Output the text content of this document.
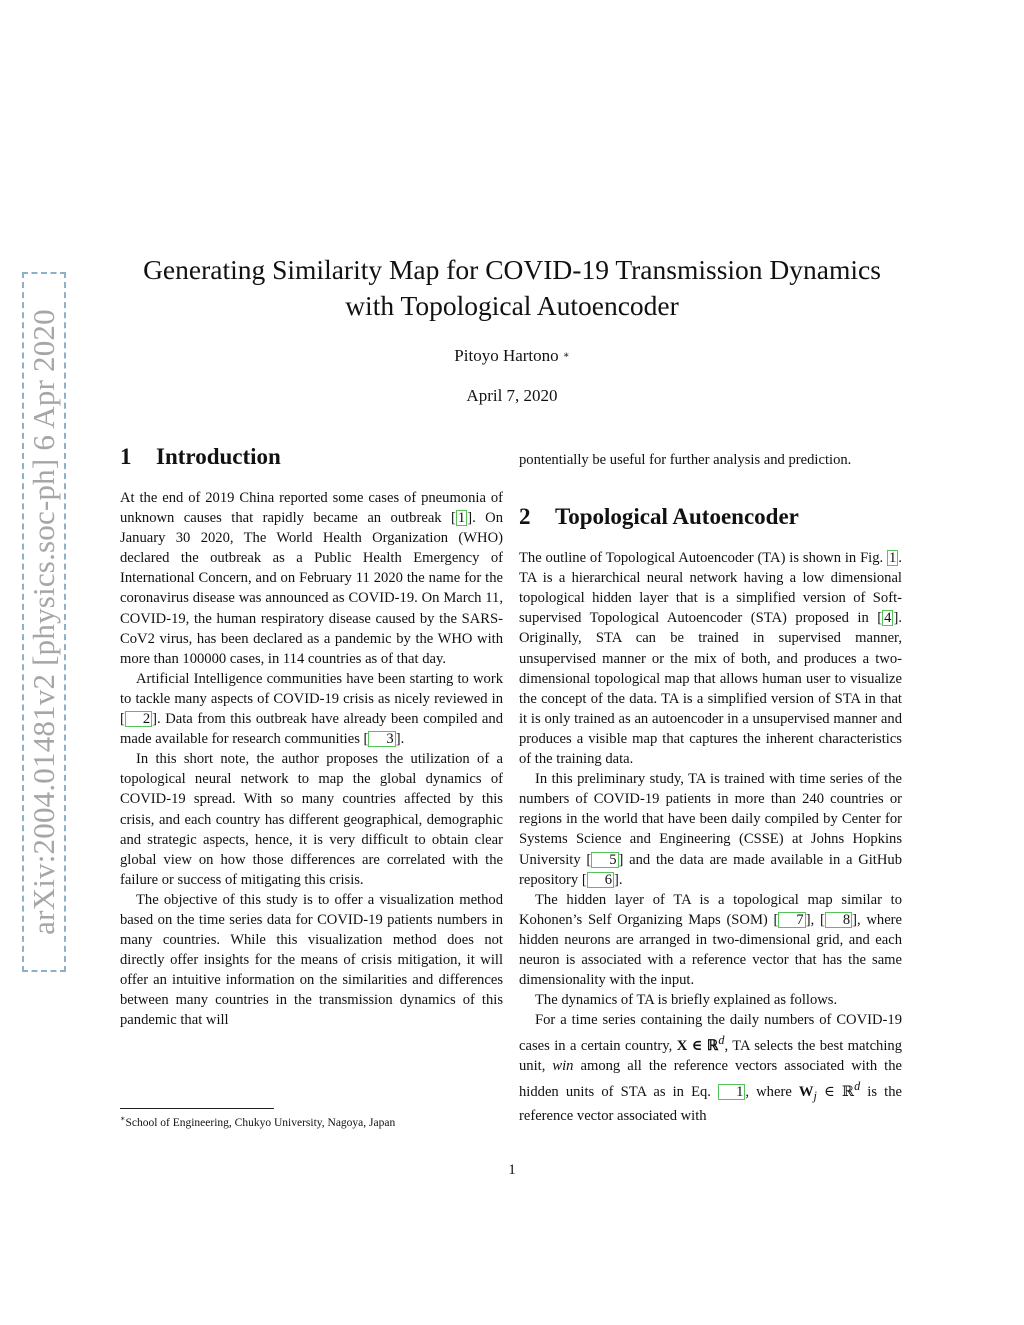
arXiv:2004.01481v2 [physics.soc-ph] 6 Apr 2020
Generating Similarity Map for COVID-19 Transmission Dynamics
with Topological Autoencoder
Pitoyo Hartono ∗
April 7, 2020
1 Introduction

At the end of 2019 China reported some cases of pneumonia of unknown causes that rapidly became an outbreak [ 1 ]. On January 30 2020, The World Health Organization (WHO) declared the outbreak as a Public Health Emergency of International Concern, and on February 11 2020 the name for the coronavirus disease was announced as COVID-19. On March 11, COVID-19, the human respiratory disease caused by the SARS-CoV2 virus, has been declared as a pandemic by the WHO with more than 100000 cases, in 114 countries as of that day.

Artificial Intelligence communities have been starting to work to tackle many aspects of COVID-19 crisis as nicely reviewed in [ 2 ]. Data from this outbreak have already been compiled and made available for research communities [ 3 ].

In this short note, the author proposes the utilization of a topological neural network to map the global dynamics of COVID-19 spread. With so many countries affected by this crisis, and each country has different geographical, demographic and strategic aspects, hence, it is very difficult to obtain clear global view on how those differences are correlated with the failure or success of mitigating this crisis.

The objective of this study is to offer a visualization method based on the time series data for COVID-19 patients numbers in many countries. While this visualization method does not directly offer insights for the means of crisis mitigation, it will offer an intuitive information on the similarities and differences between many countries in the transmission dynamics of this pandemic that will

2 Topological Autoencoder

pontentially be useful for further analysis and prediction.

The outline of Topological Autoencoder (TA) is shown in Fig. 1 . TA is a hierarchical neural network having a low dimensional topological hidden layer that is a simplified version of Soft-supervised Topological Autoencoder (STA) proposed in [ 4 ]. Originally, STA can be trained in supervised manner, unsupervised manner or the mix of both, and produces a two-dimensional topological map that allows human user to visualize the concept of the data. TA is a simplified version of STA in that it is only trained as an autoencoder in a unsupervised manner and produces a visible map that captures the inherent characteristics of the training data.

In this preliminary study, TA is trained with time series of the numbers of COVID-19 patients in more than 240 countries or regions in the world that have been daily compiled by Center for Systems Science and Engineering (CSSE) at Johns Hopkins University [ 5 ] and the data are made available in a GitHub repository [ 6 ].

The hidden layer of TA is a topological map similar to Kohonen’s Self Organizing Maps (SOM) [ 7 ], [ 8 ], where hidden neurons are arranged in two-dimensional grid, and each neuron is associated with a reference vector that has the same dimensionality with the input.

The dynamics of TA is briefly explained as follows.

For a time series containing the daily numbers of COVID-19 cases in a certain country, X ∈ ℝ$^d$, TA selects the best matching unit, win among all the reference vectors associated with the hidden units of STA as in Eq. 1 , where $W_j$ ∈ ℝ$^d$ is the reference vector associated with

∗School of Engineering, Chukyo University, Nagoya, Japan
1
